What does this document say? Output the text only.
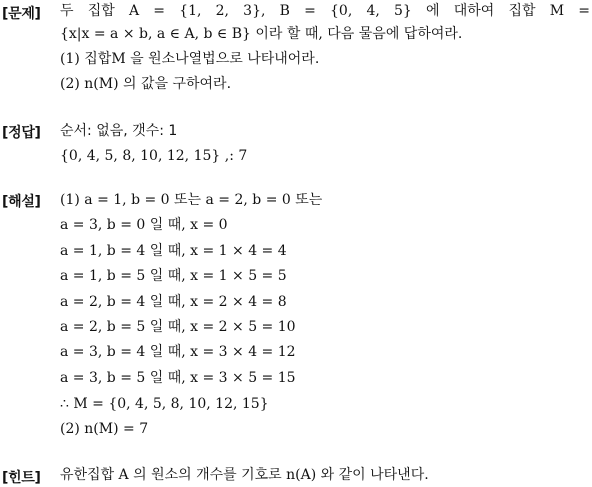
[문제] 두 집합 A = {1, 2, 3}, B = {0, 4, 5} 에 대하여 집합 M =
{x|x = a × b, a ∈ A, b ∈ B} 이라 할 때, 다음 물음에 답하여라.
(1) 집합M 을 원소나열법으로 나타내어라.
(2) n(M) 의 값을 구하여라.
[정답] 순서: 없음, 갯수: 1
{0, 4, 5, 8, 10, 12, 15} ,: 7
[해설] (1) a = 1, b = 0 또는 a = 2, b = 0 또는
a = 3, b = 0 일 때, x = 0
a = 1, b = 4 일 때, x = 1 × 4 = 4
a = 1, b = 5 일 때, x = 1 × 5 = 5
a = 2, b = 4 일 때, x = 2 × 4 = 8
a = 2, b = 5 일 때, x = 2 × 5 = 10
a = 3, b = 4 일 때, x = 3 × 4 = 12
a = 3, b = 5 일 때, x = 3 × 5 = 15
∴ M = {0, 4, 5, 8, 10, 12, 15}
(2) n(M) = 7
[힌트] 유한집합 A 의 원소의 개수를 기호로 n(A) 와 같이 나타낸다.
